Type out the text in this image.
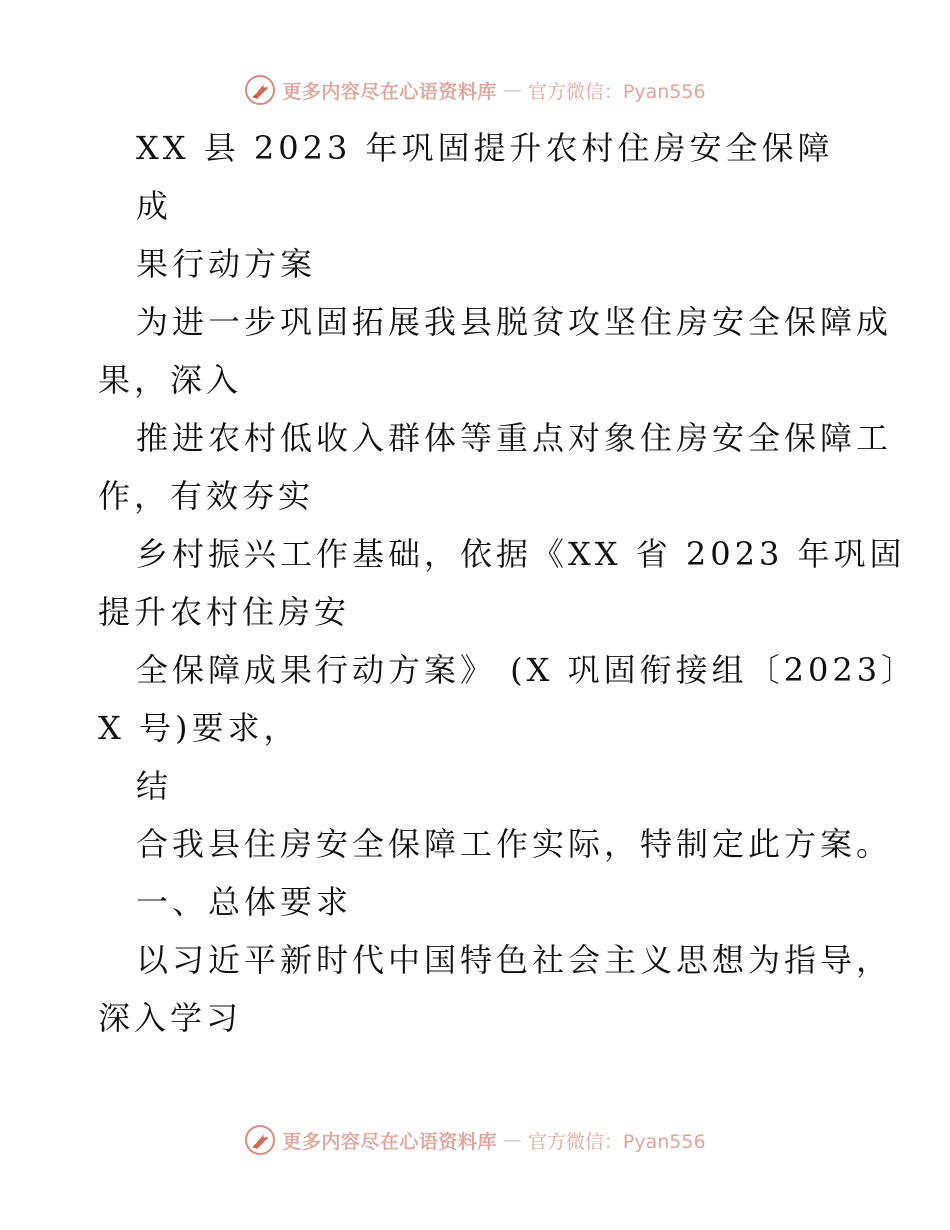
更多内容尽在心语资料库 — 官方微信：Pyan556
XX 县 2023 年巩固提升农村住房安全保障
成
果行动方案
为进一步巩固拓展我县脱贫攻坚住房安全保障成
果，深入
推进农村低收入群体等重点对象住房安全保障工
作，有效夯实
乡村振兴工作基础，依据《XX 省 2023 年巩固
提升农村住房安
全保障成果行动方案》 (X 巩固衔接组〔2023〕
X 号)要求，
结
合我县住房安全保障工作实际，特制定此方案。
一、总体要求
以习近平新时代中国特色社会主义思想为指导，
深入学习
更多内容尽在心语资料库 — 官方微信：Pyan556
